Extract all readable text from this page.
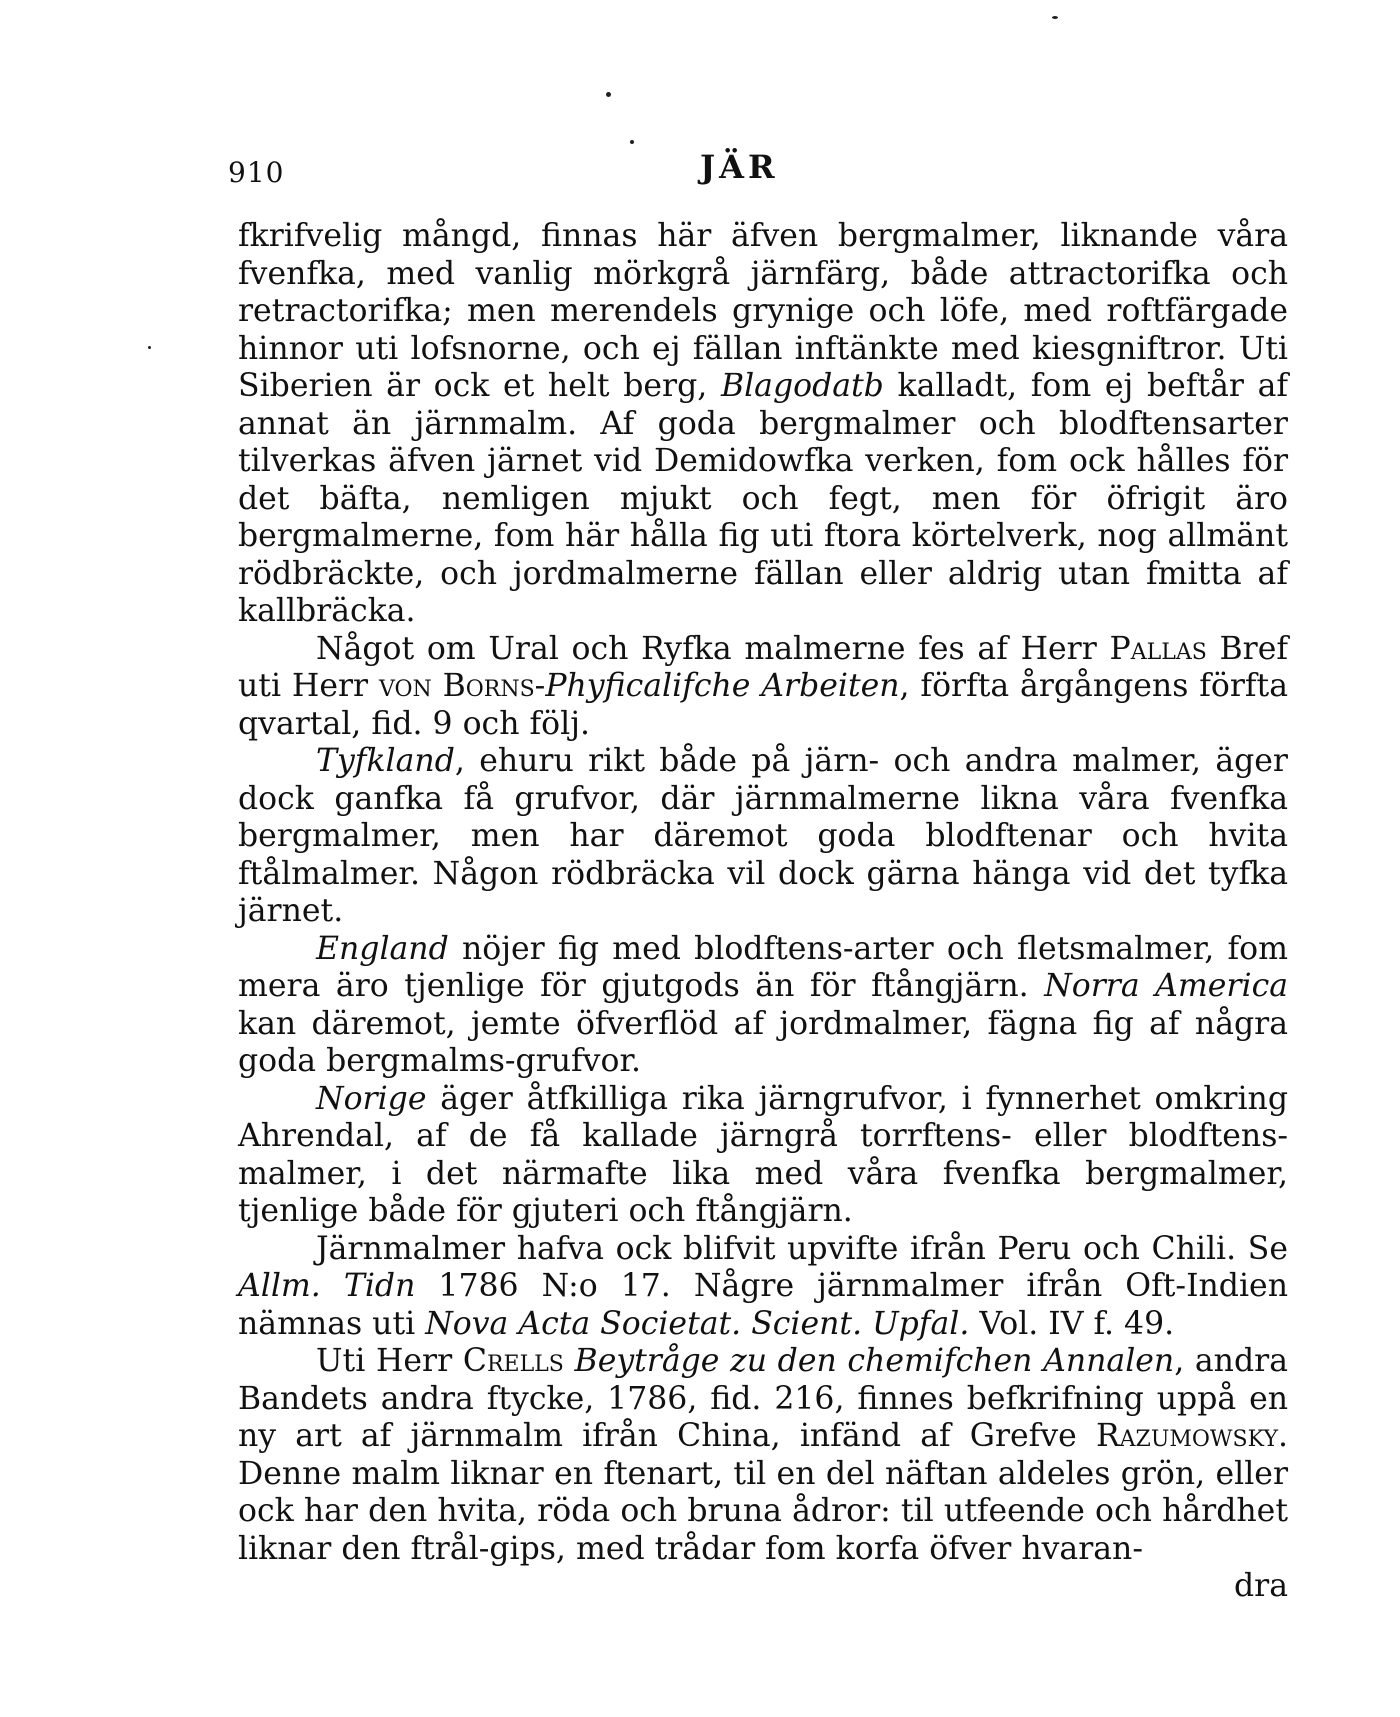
910	JÄR

fkrifvelig mångd, finnas här äfven bergmalmer, liknande våra fvenfka, med vanlig mörkgrå järnfärg, både attractorifka och retractorifka; men merendels grynige och löfe, med roftfärgade hinnor uti lofsnorne, och ej fällan inftänkte med kiesgniftror. Uti Siberien är ock et helt berg, Blagodatb kalladt, fom ej beftår af annat än järnmalm. Af goda bergmalmer och blodftensarter tilverkas äfven järnet vid Demidowfka verken, fom ock hålles för det bäfta, nemligen mjukt och fegt, men för öfrigit äro bergmalmerne, fom här hålla fig uti ftora körtelverk, nog allmänt rödbräckte, och jordmalmerne fällan eller aldrig utan fmitta af kallbräcka.

Något om Ural och Ryfka malmerne fes af Herr Pallas Bref uti Herr von Borns-Phyficalifche Arbeiten, förfta årgångens förfta qvartal, fid. 9 och följ.

Tyfkland, ehuru rikt både på järn- och andra malmer, äger dock ganfka få grufvor, där järnmalmerne likna våra fvenfka bergmalmer, men har däremot goda blodftenar och hvita ftålmalmer. Någon rödbräcka vil dock gärna hänga vid det tyfka järnet.

England nöjer fig med blodftens-arter och fletsmalmer, fom mera äro tjenlige för gjutgods än för ftångjärn. Norra America kan däremot, jemte öfverflöd af jordmalmer, fägna fig af några goda bergmalms-grufvor.

Norige äger åtfkilliga rika järngrufvor, i fynnerhet omkring Ahrendal, af de få kallade järngrå torrftens- eller blodftens-malmer, i det närmafte lika med våra fvenfka bergmalmer, tjenlige både för gjuteri och ftångjärn.

Järnmalmer hafva ock blifvit upvifte ifrån Peru och Chili. Se Allm. Tidn 1786 N:o 17. Någre järnmalmer ifrån Oft-Indien nämnas uti Nova Acta Societat. Scient. Upfal. Vol. IV f. 49.

Uti Herr Crells Beytråge zu den chemifchen Annalen, andra Bandets andra ftycke, 1786, fid. 216, finnes befkrifning uppå en ny art af järnmalm ifrån China, infänd af Grefve Razumowsky. Denne malm liknar en ftenart, til en del näftan aldeles grön, eller ock har den hvita, röda och bruna ådror: til utfeende och hårdhet liknar den ftrål-gips, med trådar fom korfa öfver hvaran-

dra
